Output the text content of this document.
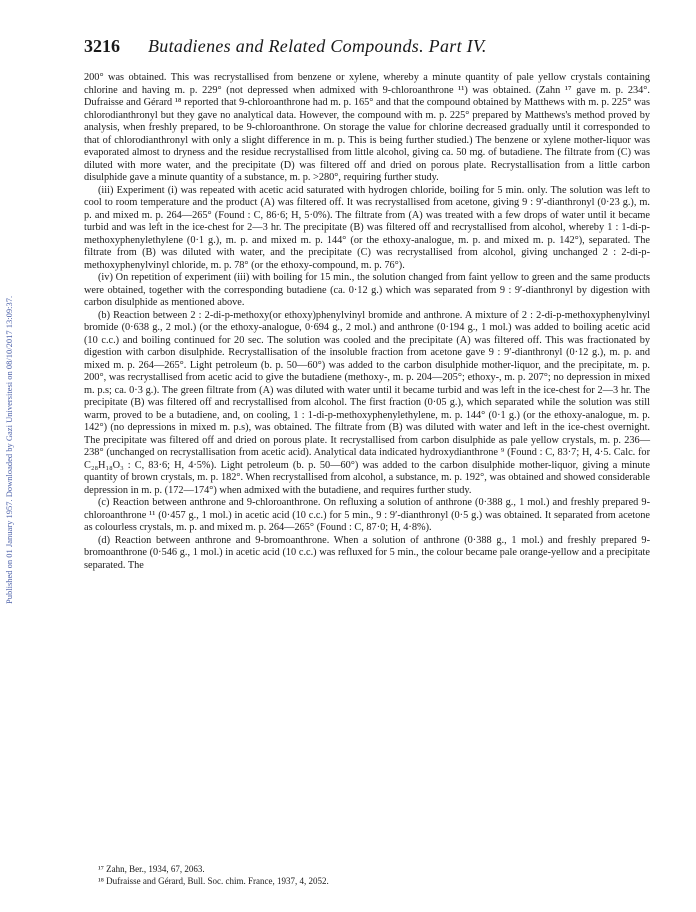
Published on 01 January 1957. Downloaded by Gazi Universitesi on 08/10/2017 13:09:37.
3216 Butadienes and Related Compounds. Part IV.

200° was obtained. This was recrystallised from benzene or xylene, whereby a minute quantity of pale yellow crystals containing chlorine and having m. p. 229° (not depressed when admixed with 9-chloroanthrone ¹¹) was obtained. (Zahn ¹⁷ gave m. p. 234°. Dufraisse and Gérard ¹⁸ reported that 9-chloroanthrone had m. p. 165° and that the compound obtained by Matthews with m. p. 225° was chlorodianthronyl but they gave no analytical data. However, the compound with m. p. 225° prepared by Matthews's method proved by analysis, when freshly prepared, to be 9-chloroanthrone. On storage the value for chlorine decreased gradually until it corresponded to that of chlorodianthronyl with only a slight difference in m. p. This is being further studied.) The benzene or xylene mother-liquor was evaporated almost to dryness and the residue recrystallised from little alcohol, giving ca. 50 mg. of butadiene. The filtrate from (C) was diluted with more water, and the precipitate (D) was filtered off and dried on porous plate. Recrystallisation from a little carbon disulphide gave a minute quantity of a substance, m. p. >280°, requiring further study.

(iii) Experiment (i) was repeated with acetic acid saturated with hydrogen chloride, boiling for 5 min. only. The solution was left to cool to room temperature and the product (A) was filtered off. It was recrystallised from acetone, giving 9 : 9′-dianthronyl (0·23 g.), m. p. and mixed m. p. 264—265° (Found : C, 86·6; H, 5·0%). The filtrate from (A) was treated with a few drops of water until it became turbid and was left in the ice-chest for 2—3 hr. The precipitate (B) was filtered off and recrystallised from alcohol, whereby 1 : 1-di-p-methoxyphenylethylene (0·1 g.), m. p. and mixed m. p. 144° (or the ethoxy-analogue, m. p. and mixed m. p. 142°), separated. The filtrate from (B) was diluted with water, and the precipitate (C) was recrystallised from alcohol, giving unchanged 2 : 2-di-p-methoxyphenylvinyl chloride, m. p. 78° (or the ethoxy-compound, m. p. 76°).

(iv) On repetition of experiment (iii) with boiling for 15 min., the solution changed from faint yellow to green and the same products were obtained, together with the corresponding butadiene (ca. 0·12 g.) which was separated from 9 : 9′-dianthronyl by digestion with carbon disulphide as mentioned above.

(b) Reaction between 2 : 2-di-p-methoxy(or ethoxy)phenylvinyl bromide and anthrone. A mixture of 2 : 2-di-p-methoxyphenylvinyl bromide (0·638 g., 2 mol.) (or the ethoxy-analogue, 0·694 g., 2 mol.) and anthrone (0·194 g., 1 mol.) was added to boiling acetic acid (10 c.c.) and boiling continued for 20 sec. The solution was cooled and the precipitate (A) was filtered off. This was fractionated by digestion with carbon disulphide. Recrystallisation of the insoluble fraction from acetone gave 9 : 9′-dianthronyl (0·12 g.), m. p. and mixed m. p. 264—265°. Light petroleum (b. p. 50—60°) was added to the carbon disulphide mother-liquor, and the precipitate, m. p. 200°, was recrystallised from acetic acid to give the butadiene (methoxy-, m. p. 204—205°; ethoxy-, m. p. 207°; no depression in mixed m. p.s; ca. 0·3 g.). The green filtrate from (A) was diluted with water until it became turbid and was left in the ice-chest for 2—3 hr. The precipitate (B) was filtered off and recrystallised from alcohol. The first fraction (0·05 g.), which separated while the solution was still warm, proved to be a butadiene, and, on cooling, 1 : 1-di-p-methoxyphenylethylene, m. p. 144° (0·1 g.) (or the ethoxy-analogue, m. p. 142°) (no depressions in mixed m. p.s), was obtained. The filtrate from (B) was diluted with water and left in the ice-chest overnight. The precipitate was filtered off and dried on porous plate. It recrystallised from carbon disulphide as pale yellow crystals, m. p. 236—238° (unchanged on recrystallisation from acetic acid). Analytical data indicated hydroxydianthrone ⁹ (Found : C, 83·7; H, 4·5. Calc. for C₂₈H₁₈O₃ : C, 83·6; H, 4·5%). Light petroleum (b. p. 50—60°) was added to the carbon disulphide mother-liquor, giving a minute quantity of brown crystals, m. p. 182°. When recrystallised from alcohol, a substance, m. p. 192°, was obtained and showed considerable depression in m. p. (172—174°) when admixed with the butadiene, and requires further study.

(c) Reaction between anthrone and 9-chloroanthrone. On refluxing a solution of anthrone (0·388 g., 1 mol.) and freshly prepared 9-chloroanthrone ¹¹ (0·457 g., 1 mol.) in acetic acid (10 c.c.) for 5 min., 9 : 9′-dianthronyl (0·5 g.) was obtained. It separated from acetone as colourless crystals, m. p. and mixed m. p. 264—265° (Found : C, 87·0; H, 4·8%).

(d) Reaction between anthrone and 9-bromoanthrone. When a solution of anthrone (0·388 g., 1 mol.) and freshly prepared 9-bromoanthrone (0·546 g., 1 mol.) in acetic acid (10 c.c.) was refluxed for 5 min., the colour became pale orange-yellow and a precipitate separated. The

¹⁷ Zahn, Ber., 1934, 67, 2063.
¹⁸ Dufraisse and Gérard, Bull. Soc. chim. France, 1937, 4, 2052.
